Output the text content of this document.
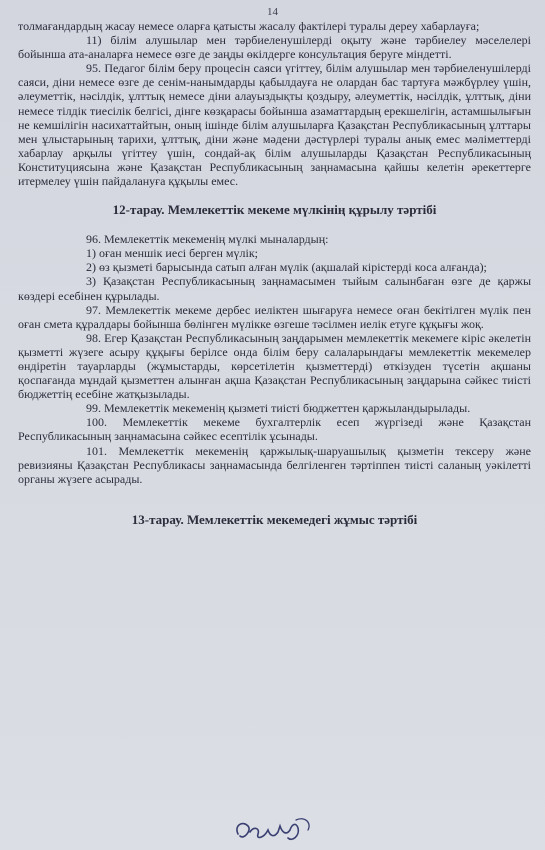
14

толмағандардың жасау немесе оларға қатысты жасалу фактілері туралы дереу хабарлауға;

11) білім алушылар мен тәрбиеленушілерді оқыту және тәрбиелеу мәселелері бойынша ата-аналарға немесе өзге де заңды өкілдерге консультация беруге міндетті.

95. Педагог білім беру процесін саяси үгіттеу, білім алушылар мен тәрбиеленушілерді саяси, діни немесе өзге де сенім-нанымдарды қабылдауға не олардан бас тартуға мәжбүрлеу үшін, әлеуметтік, нәсілдік, ұлттық немесе діни алауыздықты қоздыру, әлеуметтік, нәсілдік, ұлттық, діни немесе тілдік тиесілік белгісі, дінге көзқарасы бойынша азаматтардың ерекшелігін, астамшылығын не кемшілігін насихаттайтын, оның ішінде білім алушыларға Қазақстан Республикасының ұлттары мен ұлыстарының тарихи, ұлттық, діни және мәдени дәстүрлері туралы анық емес мәліметтерді хабарлау арқылы үгіттеу үшін, сондай-ақ білім алушыларды Қазақстан Республикасының Конституциясына және Қазақстан Республикасының заңнамасына қайшы келетін әрекеттерге итермелеу үшін пайдалануға құқылы емес.

12-тарау. Мемлекеттік мекеме мүлкінің құрылу тәртібі

96. Мемлекеттік мекеменің мүлкі мыналардың:

1) оған меншік иесі берген мүлік;

2) өз қызметі барысында сатып алған мүлік (ақшалай кірістерді коса алғанда);

3) Қазақстан Республикасының заңнамасымен тыйым салынбаған өзге де қаржы көздері есебінен құрылады.

97. Мемлекеттік мекеме дербес иеліктен шығаруға немесе оған бекітілген мүлік пен оған смета құралдары бойынша бөлінген мүлікке өзгеше тәсілмен иелік етуге құқығы жоқ.

98. Егер Қазақстан Республикасының заңдарымен мемлекеттік мекемеге кіріс әкелетін қызметті жүзеге асыру құқығы берілсе онда білім беру салаларындағы мемлекеттік мекемелер өндіретін тауарларды (жұмыстарды, көрсетілетін қызметтерді) өткізуден түсетін ақшаны қоспағанда мұндай қызметтен алынған ақша Қазақстан Республикасының заңдарына сәйкес тиісті бюджеттің есебіне жатқызылады.

99. Мемлекеттік мекеменің қызметі тиісті бюджеттен қаржыландырылады.

100. Мемлекеттік мекеме бухгалтерлік есеп жүргізеді және Қазақстан Республикасының заңнамасына сәйкес есептілік ұсынады.

101. Мемлекеттік мекеменің қаржылық-шаруашылық қызметін тексеру және ревизияны Қазақстан Республикасы заңнамасында белгіленген тәртіппен тиісті саланың уәкілетті органы жүзеге асырады.

13-тарау. Мемлекеттік мекемедегі жұмыс тәртібі
